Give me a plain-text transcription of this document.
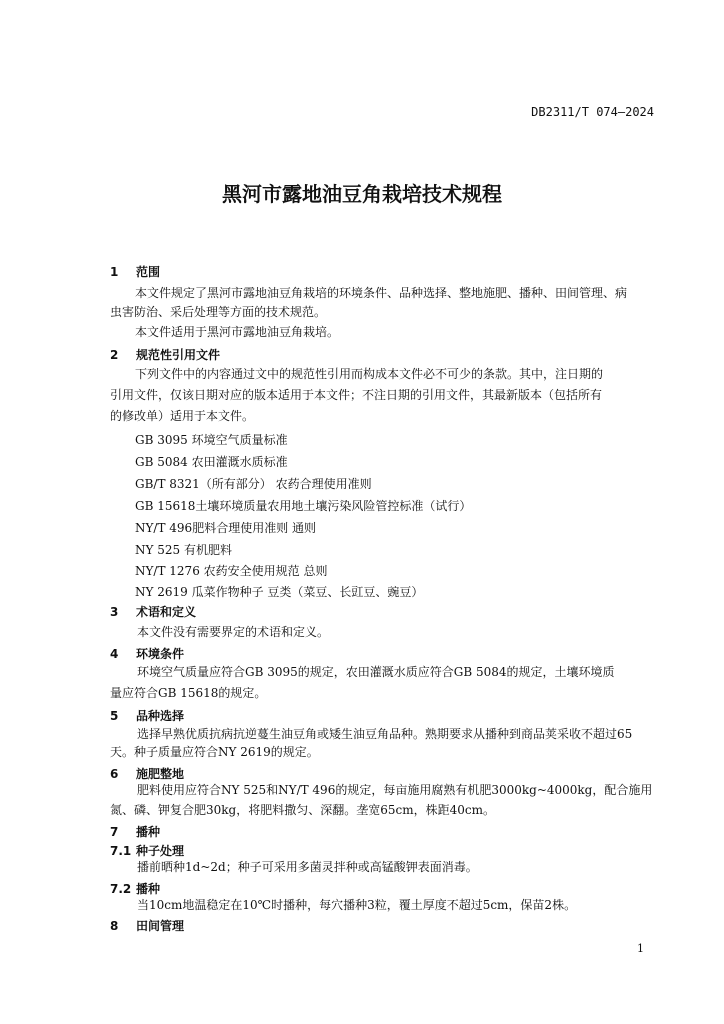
DB2311/T 074—2024
黑河市露地油豆角栽培技术规程
1 范围
本文件规定了黑河市露地油豆角栽培的环境条件、品种选择、整地施肥、播种、田间管理、病
虫害防治、采后处理等方面的技术规范。
本文件适用于黑河市露地油豆角栽培。
2 规范性引用文件
下列文件中的内容通过文中的规范性引用而构成本文件必不可少的条款。其中，注日期的
引用文件，仅该日期对应的版本适用于本文件；不注日期的引用文件，其最新版本（包括所有
的修改单）适用于本文件。
GB 3095 环境空气质量标准
GB 5084 农田灌溉水质标准
GB/T 8321（所有部分） 农药合理使用准则
GB 15618土壤环境质量农用地土壤污染风险管控标准（试行）
NY/T 496肥料合理使用准则 通则
NY 525 有机肥料
NY/T 1276 农药安全使用规范 总则
NY 2619 瓜菜作物种子 豆类（菜豆、长豇豆、豌豆）
3 术语和定义
本文件没有需要界定的术语和定义。
4 环境条件
环境空气质量应符合GB 3095的规定，农田灌溉水质应符合GB 5084的规定，土壤环境质
量应符合GB 15618的规定。
5 品种选择
选择早熟优质抗病抗逆蔓生油豆角或矮生油豆角品种。熟期要求从播种到商品荚采收不超过65
天。种子质量应符合NY 2619的规定。
6 施肥整地
肥料使用应符合NY 525和NY/T 496的规定，每亩施用腐熟有机肥3000kg~4000kg，配合施用
氮、磷、钾复合肥30kg，将肥料撒匀、深翻。垄宽65cm，株距40cm。
7 播种
7.1 种子处理
播前晒种1d~2d；种子可采用多菌灵拌种或高锰酸钾表面消毒。
7.2 播种
当10cm地温稳定在10℃时播种，每穴播种3粒，覆土厚度不超过5cm，保苗2株。
8 田间管理
1
